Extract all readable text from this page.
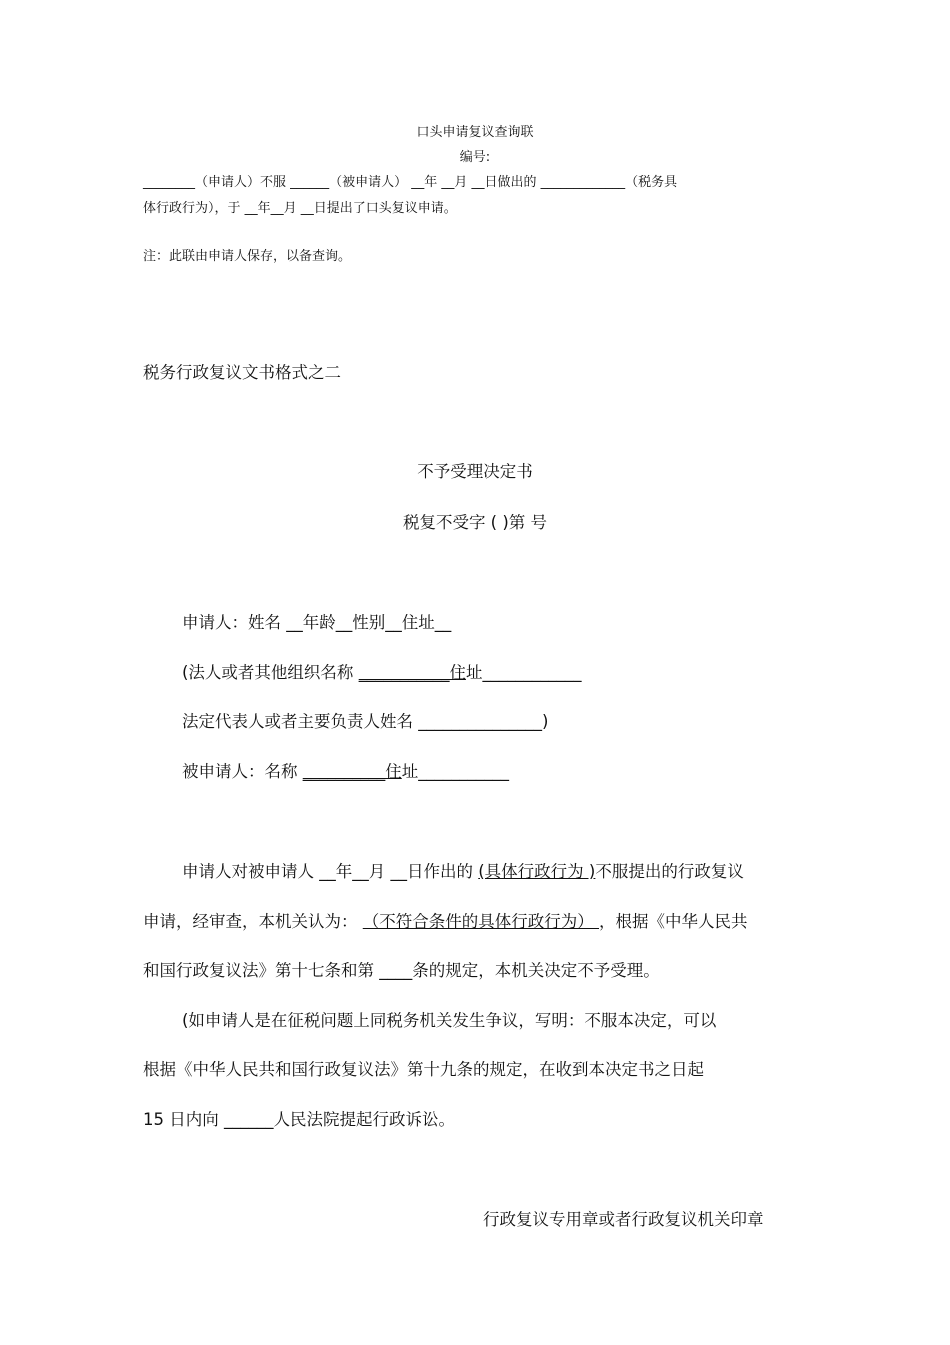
口头申请复议查询联
编号:
________（申请人）不服 ______（被申请人） __年 __月 __日做出的 _____________（税务具
体行政行为），于 __年__月 __日提出了口头复议申请。
注：此联由申请人保存，以备查询。
税务行政复议文书格式之二
不予受理决定书
税复不受字 ( )第 号
申请人：姓名 __年龄__性别__住址__
(法人或者其他组织名称 ___________住址____________
法定代表人或者主要负责人姓名 _______________)
被申请人：名称 __________住址___________
申请人对被申请人 __年__月 __日作出的 (具体行政行为 )不服提出的行政复议
申请，经审查，本机关认为： （不符合条件的具体行政行为） ，根据《中华人民共
和国行政复议法》第十七条和第 ____条的规定，本机关决定不予受理。
(如申请人是在征税问题上同税务机关发生争议，写明：不服本决定，可以
根据《中华人民共和国行政复议法》第十九条的规定，在收到本决定书之日起
15 日内向 ______人民法院提起行政诉讼。
行政复议专用章或者行政复议机关印章
